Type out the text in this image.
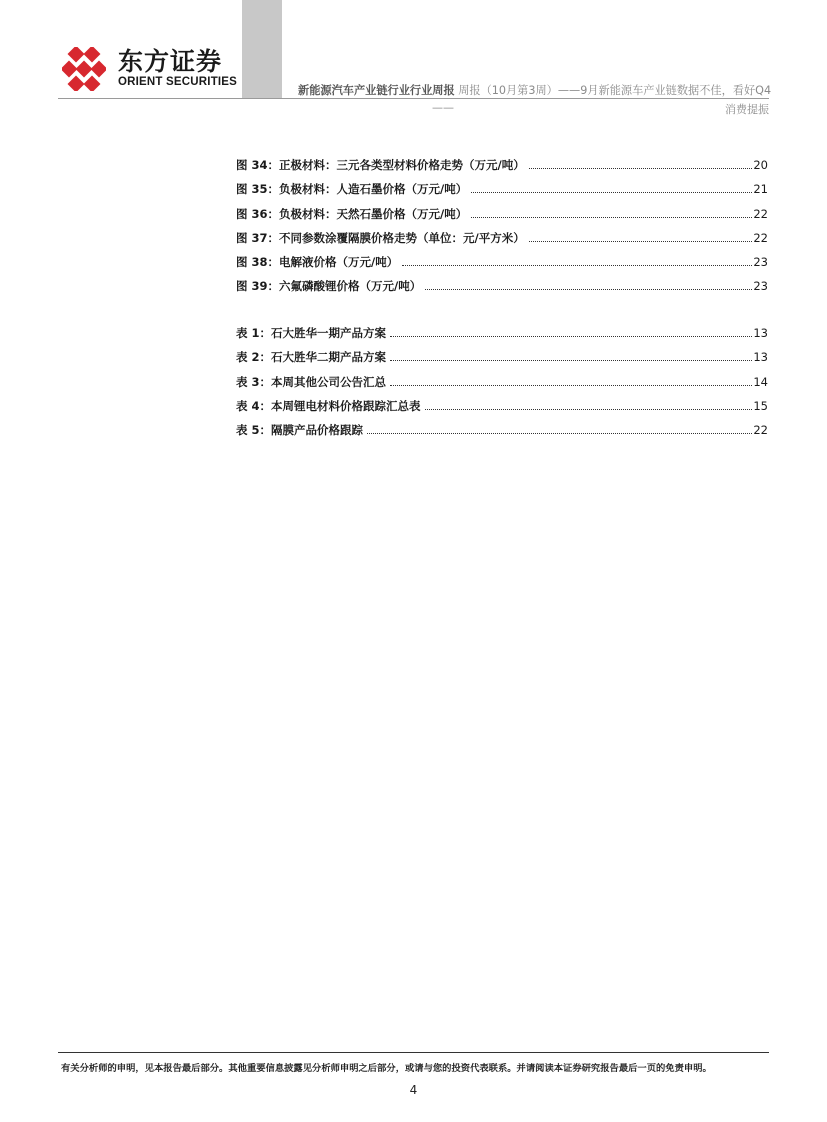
东方证券
ORIENT SECURITIES
新能源汽车产业链行业行业周报 周报（10月第3周）——9月新能源车产业链数据不佳，看好Q4
——	消费提振
图 34：正极材料：三元各类型材料价格走势（万元/吨）	20
图 35：负极材料：人造石墨价格（万元/吨）	21
图 36：负极材料：天然石墨价格（万元/吨）	22
图 37：不同参数涂覆隔膜价格走势（单位：元/平方米）	22
图 38：电解液价格（万元/吨）	23
图 39：六氟磷酸锂价格（万元/吨）	23
表 1：石大胜华一期产品方案	13
表 2：石大胜华二期产品方案	13
表 3：本周其他公司公告汇总	14
表 4：本周锂电材料价格跟踪汇总表	15
表 5：隔膜产品价格跟踪	22
有关分析师的申明，见本报告最后部分。其他重要信息披露见分析师申明之后部分，或请与您的投资代表联系。并请阅读本证券研究报告最后一页的免责申明。
4
